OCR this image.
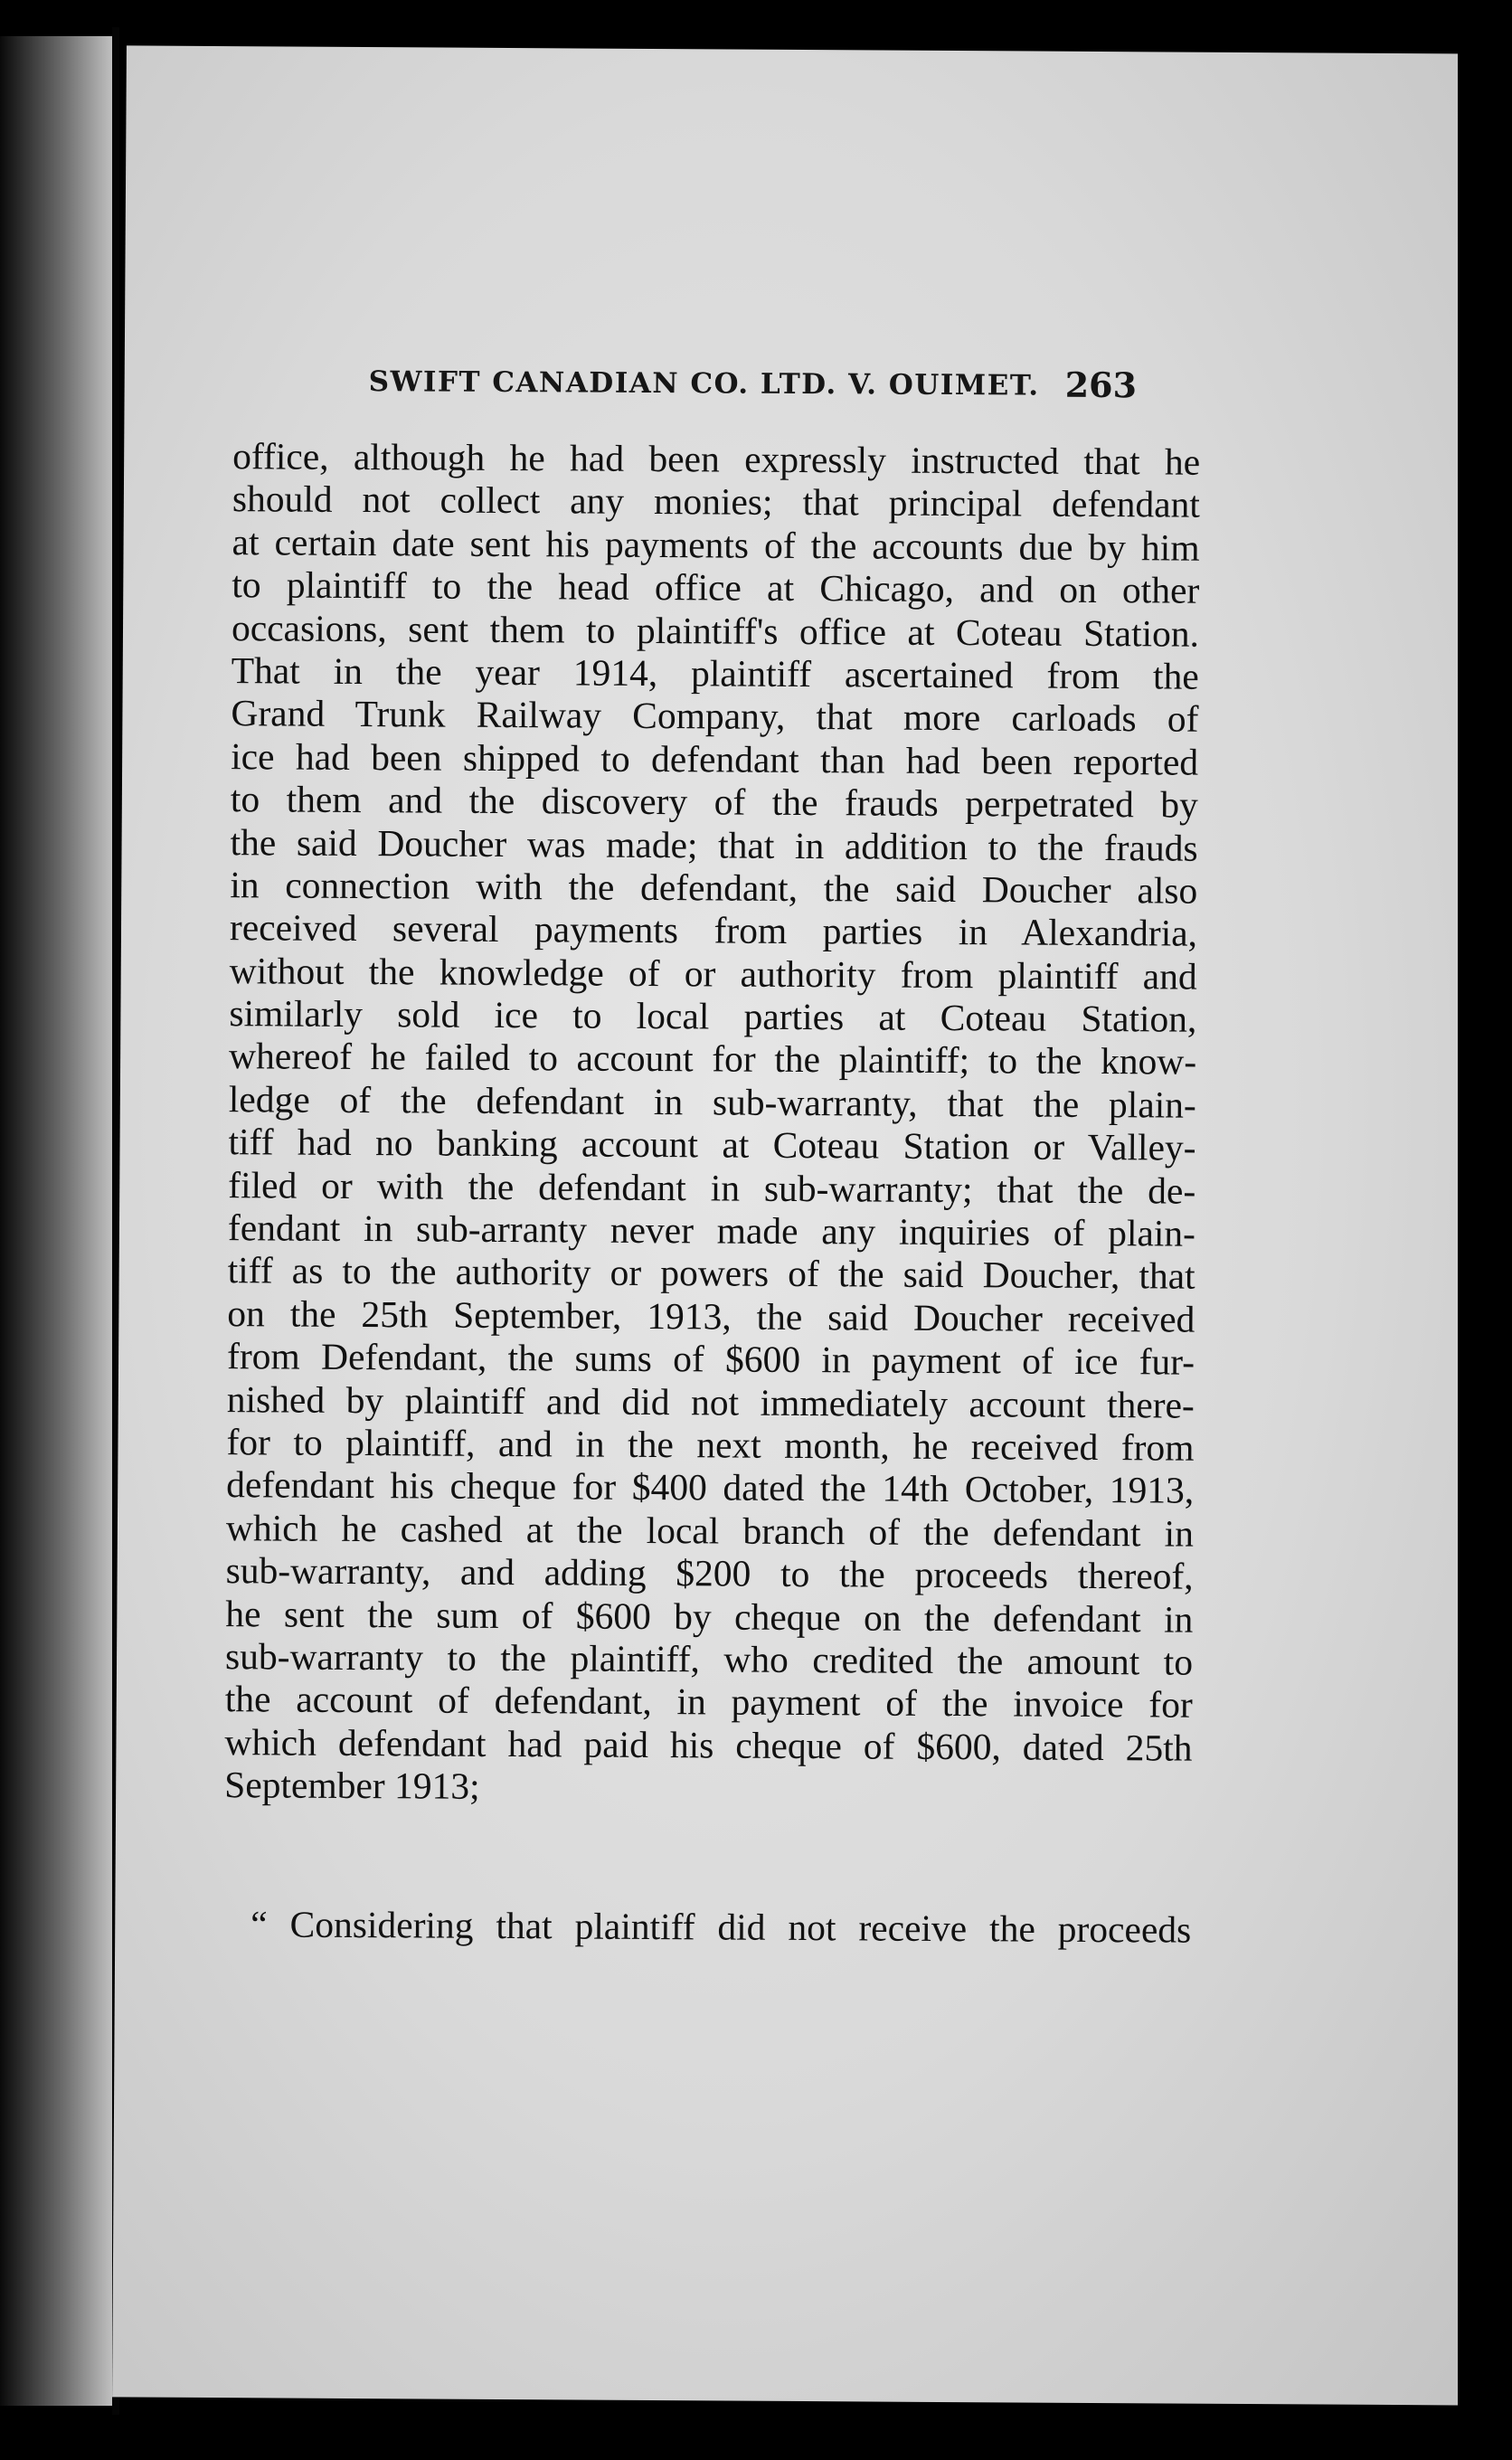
SWIFT CANADIAN CO. LTD. V. OUIMET. 263
office, although he had been expressly instructed that he
should not collect any monies; that principal defendant
at certain date sent his payments of the accounts due by him
to plaintiff to the head office at Chicago, and on other
occasions, sent them to plaintiff's office at Coteau Station.
That in the year 1914, plaintiff ascertained from the
Grand Trunk Railway Company, that more carloads of
ice had been shipped to defendant than had been reported
to them and the discovery of the frauds perpetrated by
the said Doucher was made; that in addition to the frauds
in connection with the defendant, the said Doucher also
received several payments from parties in Alexandria,
without the knowledge of or authority from plaintiff and
similarly sold ice to local parties at Coteau Station,
whereof he failed to account for the plaintiff; to the know-
ledge of the defendant in sub-warranty, that the plain-
tiff had no banking account at Coteau Station or Valley-
filed or with the defendant in sub-warranty; that the de-
fendant in sub-arranty never made any inquiries of plain-
tiff as to the authority or powers of the said Doucher, that
on the 25th September, 1913, the said Doucher received
from Defendant, the sums of $600 in payment of ice fur-
nished by plaintiff and did not immediately account there-
for to plaintiff, and in the next month, he received from
defendant his cheque for $400 dated the 14th October, 1913,
which he cashed at the local branch of the defendant in
sub-warranty, and adding $200 to the proceeds thereof,
he sent the sum of $600 by cheque on the defendant in
sub-warranty to the plaintiff, who credited the amount to
the account of defendant, in payment of the invoice for
which defendant had paid his cheque of $600, dated 25th
September 1913;
“ Considering that plaintiff did not receive the proceeds
